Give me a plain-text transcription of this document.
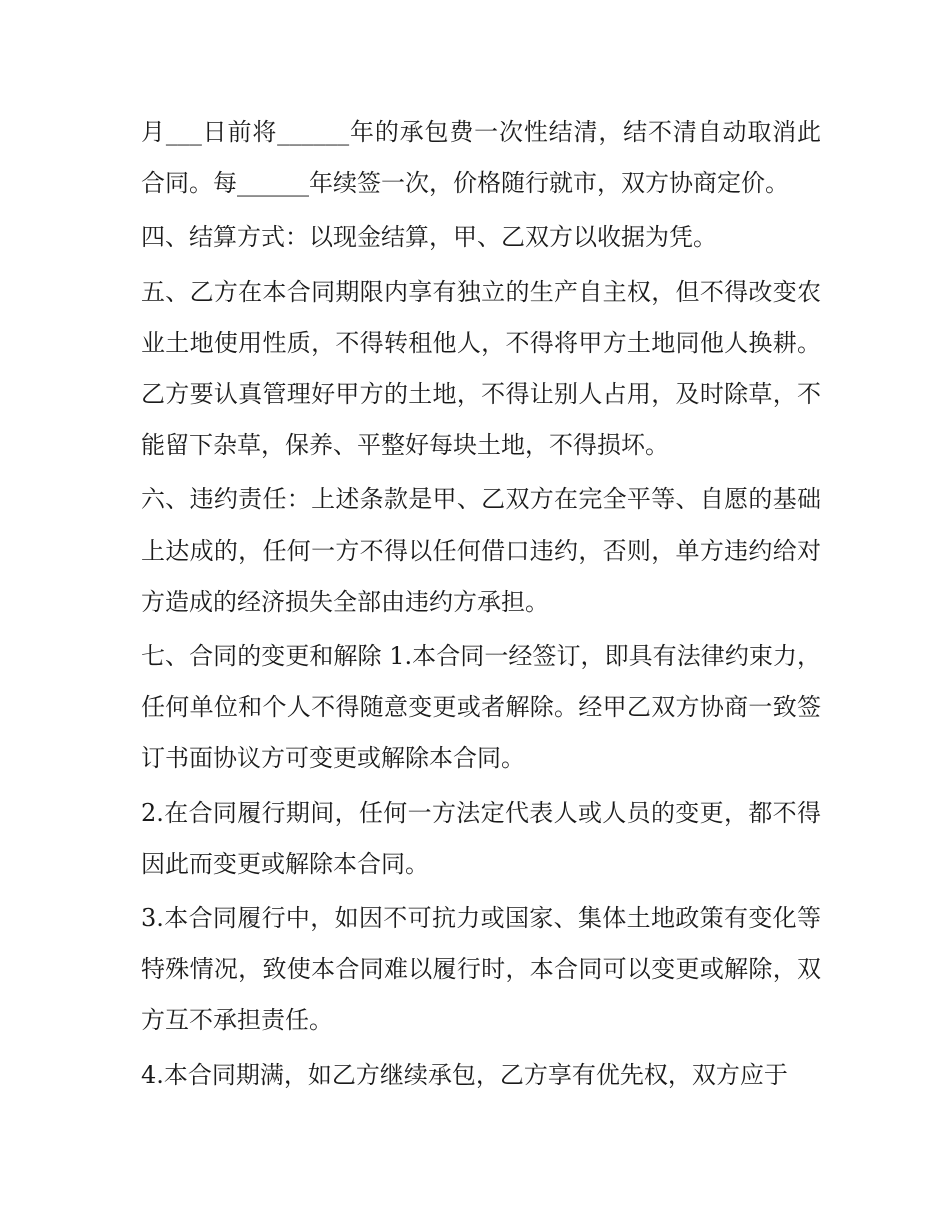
月___日前将______年的承包费一次性结清，结不清自动取消此合同。每______年续签一次，价格随行就市，双方协商定价。

四、结算方式：以现金结算，甲、乙双方以收据为凭。

五、乙方在本合同期限内享有独立的生产自主权，但不得改变农业土地使用性质，不得转租他人，不得将甲方土地同他人换耕。乙方要认真管理好甲方的土地，不得让别人占用，及时除草，不能留下杂草，保养、平整好每块土地，不得损坏。

六、违约责任：上述条款是甲、乙双方在完全平等、自愿的基础上达成的，任何一方不得以任何借口违约，否则，单方违约给对方造成的经济损失全部由违约方承担。

七、合同的变更和解除 1.本合同一经签订，即具有法律约束力，任何单位和个人不得随意变更或者解除。经甲乙双方协商一致签订书面协议方可变更或解除本合同。

2.在合同履行期间，任何一方法定代表人或人员的变更，都不得因此而变更或解除本合同。

3.本合同履行中，如因不可抗力或国家、集体土地政策有变化等特殊情况，致使本合同难以履行时，本合同可以变更或解除，双方互不承担责任。

4.本合同期满，如乙方继续承包，乙方享有优先权，双方应于
